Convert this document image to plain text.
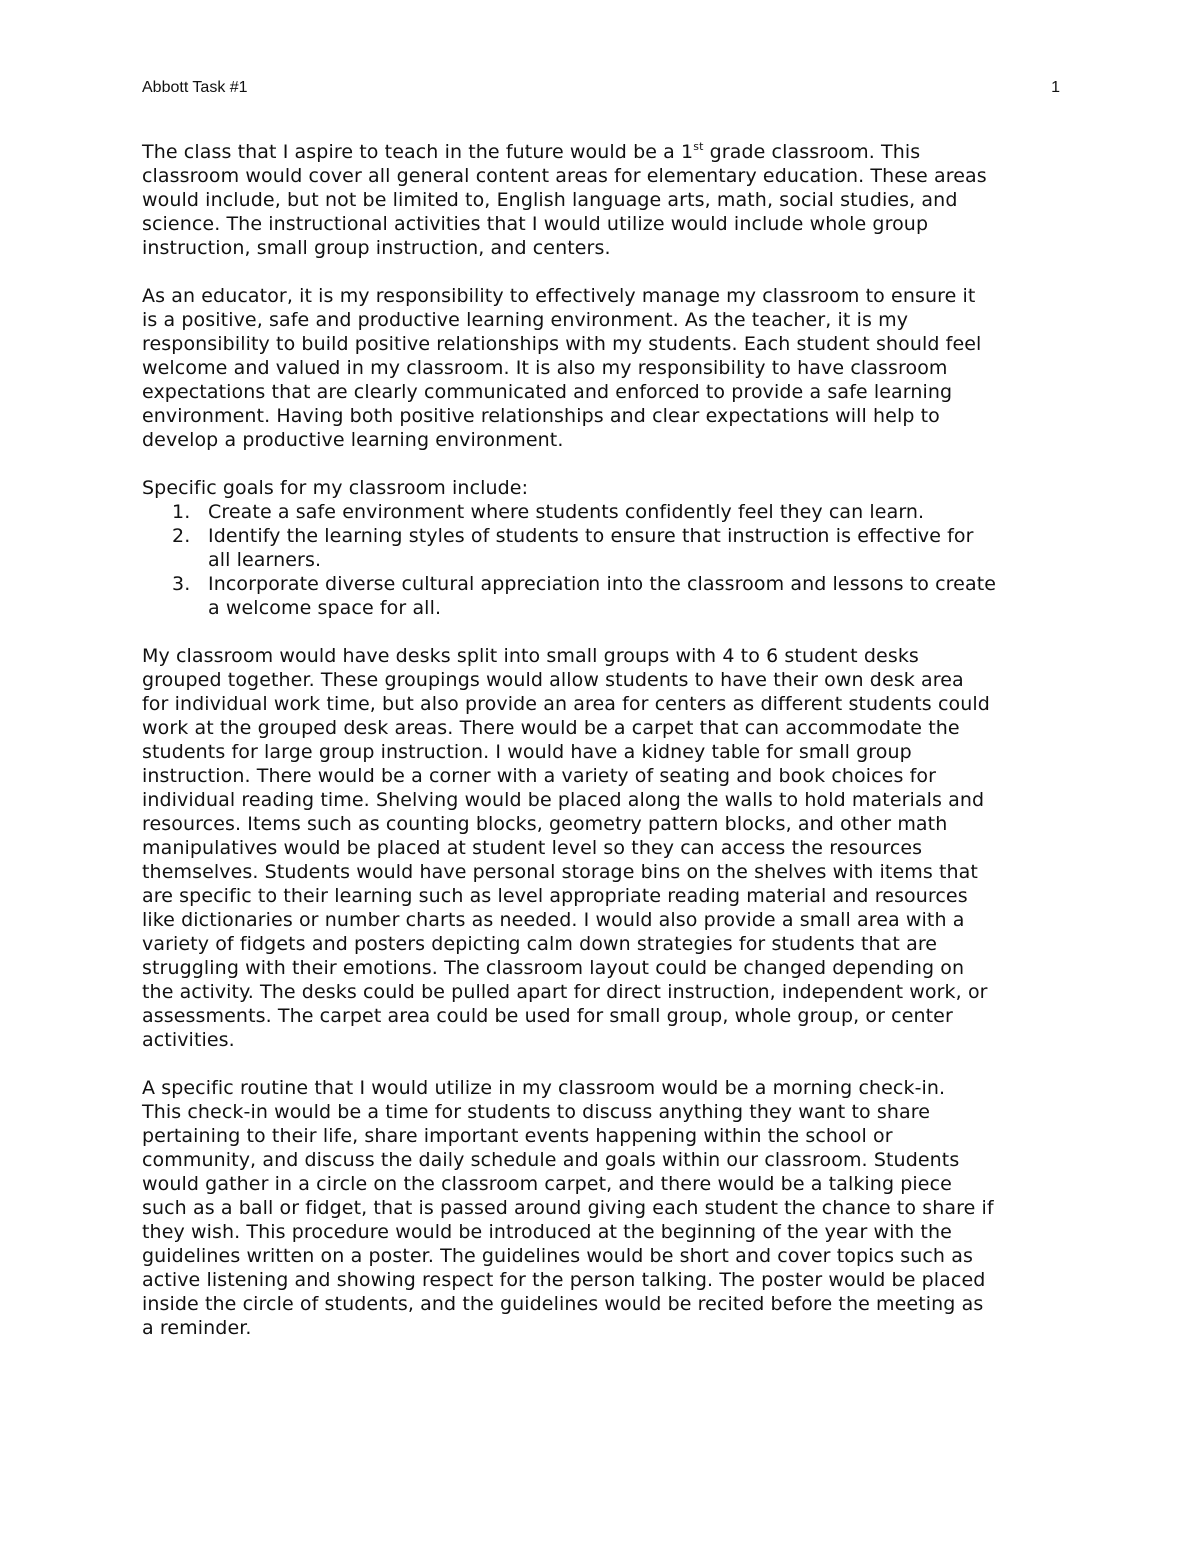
Abbott Task #1	1

The class that I aspire to teach in the future would be a 1st grade classroom. This
classroom would cover all general content areas for elementary education. These areas
would include, but not be limited to, English language arts, math, social studies, and
science. The instructional activities that I would utilize would include whole group
instruction, small group instruction, and centers.

As an educator, it is my responsibility to effectively manage my classroom to ensure it
is a positive, safe and productive learning environment. As the teacher, it is my
responsibility to build positive relationships with my students. Each student should feel
welcome and valued in my classroom. It is also my responsibility to have classroom
expectations that are clearly communicated and enforced to provide a safe learning
environment. Having both positive relationships and clear expectations will help to
develop a productive learning environment.

Specific goals for my classroom include:

1. Create a safe environment where students confidently feel they can learn.
2. Identify the learning styles of students to ensure that instruction is effective for
all learners.
3. Incorporate diverse cultural appreciation into the classroom and lessons to create
a welcome space for all.

My classroom would have desks split into small groups with 4 to 6 student desks
grouped together. These groupings would allow students to have their own desk area
for individual work time, but also provide an area for centers as different students could
work at the grouped desk areas. There would be a carpet that can accommodate the
students for large group instruction. I would have a kidney table for small group
instruction. There would be a corner with a variety of seating and book choices for
individual reading time. Shelving would be placed along the walls to hold materials and
resources. Items such as counting blocks, geometry pattern blocks, and other math
manipulatives would be placed at student level so they can access the resources
themselves. Students would have personal storage bins on the shelves with items that
are specific to their learning such as level appropriate reading material and resources
like dictionaries or number charts as needed. I would also provide a small area with a
variety of fidgets and posters depicting calm down strategies for students that are
struggling with their emotions. The classroom layout could be changed depending on
the activity. The desks could be pulled apart for direct instruction, independent work, or
assessments. The carpet area could be used for small group, whole group, or center
activities.

A specific routine that I would utilize in my classroom would be a morning check-in.
This check-in would be a time for students to discuss anything they want to share
pertaining to their life, share important events happening within the school or
community, and discuss the daily schedule and goals within our classroom. Students
would gather in a circle on the classroom carpet, and there would be a talking piece
such as a ball or fidget, that is passed around giving each student the chance to share if
they wish. This procedure would be introduced at the beginning of the year with the
guidelines written on a poster. The guidelines would be short and cover topics such as
active listening and showing respect for the person talking. The poster would be placed
inside the circle of students, and the guidelines would be recited before the meeting as
a reminder.
